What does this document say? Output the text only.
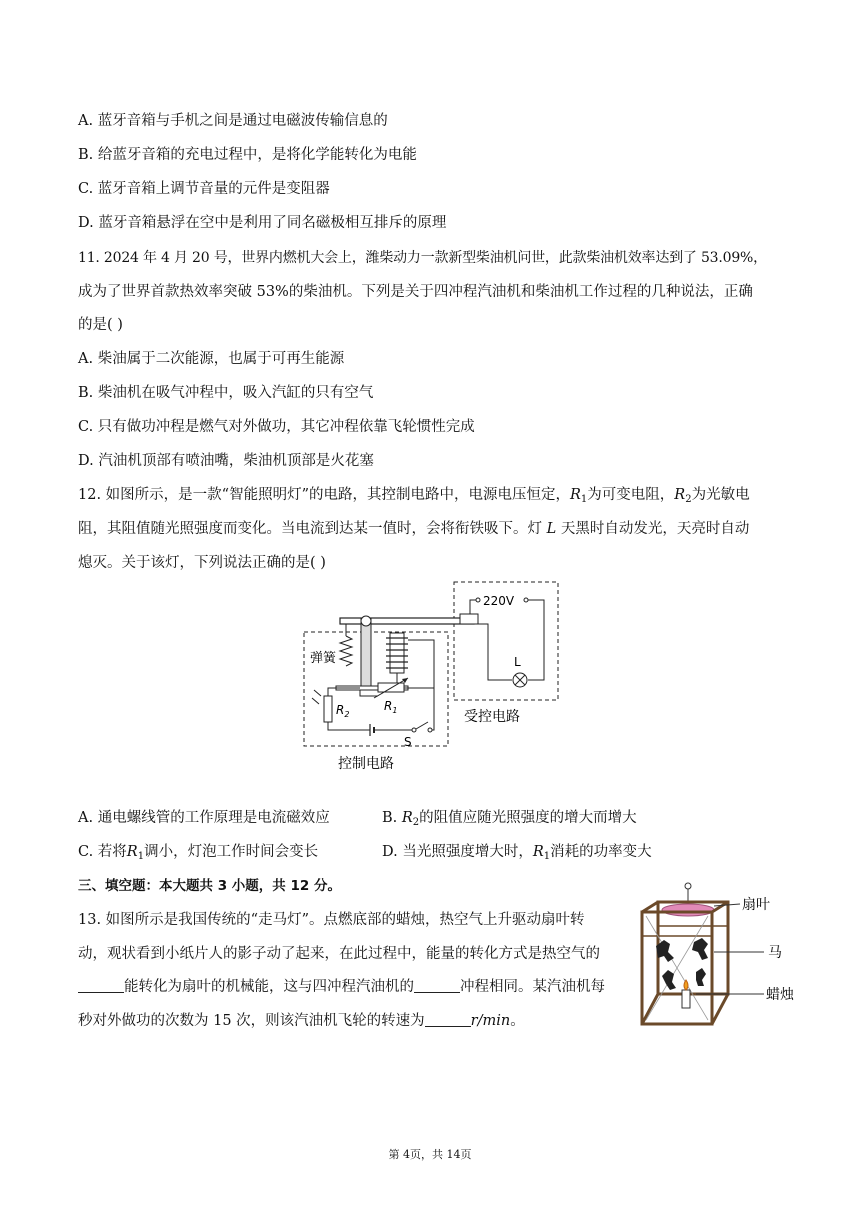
A. 蓝牙音箱与手机之间是通过电磁波传输信息的
B. 给蓝牙音箱的充电过程中，是将化学能转化为电能
C. 蓝牙音箱上调节音量的元件是变阻器
D. 蓝牙音箱悬浮在空中是利用了同名磁极相互排斥的原理
11. 2024 年 4 月 20 号，世界内燃机大会上，潍柴动力一款新型柴油机问世，此款柴油机效率达到了 53.09%，
成为了世界首款热效率突破 53%的柴油机。下列是关于四冲程汽油机和柴油机工作过程的几种说法，正确
的是( )
A. 柴油属于二次能源，也属于可再生能源
B. 柴油机在吸气冲程中，吸入汽缸的只有空气
C. 只有做功冲程是燃气对外做功，其它冲程依靠飞轮惯性完成
D. 汽油机顶部有喷油嘴，柴油机顶部是火花塞
12. 如图所示，是一款“智能照明灯”的电路，其控制电路中，电源电压恒定，$R_1$为可变电阻，$R_2$为光敏电
阻，其阻值随光照强度而变化。当电流到达某一值时，会将衔铁吸下。灯 L 天黑时自动发光，天亮时自动
熄灭。关于该灯，下列说法正确的是( )
$R_1$
$R_2$
S
弹簧
220V
L
受控电路
控制电路
A. 通电螺线管的工作原理是电流磁效应	B. $R_2$的阻值应随光照强度的增大而增大
C. 若将$R_1$调小，灯泡工作时间会变长	D. 当光照强度增大时，$R_1$消耗的功率变大
三、填空题：本大题共 3 小题，共 12 分。
13. 如图所示是我国传统的“走马灯”。点燃底部的蜡烛，热空气上升驱动扇叶转
动，观状看到小纸片人的影子动了起来，在此过程中，能量的转化方式是热空气的
能转化为扇叶的机械能，这与四冲程汽油机的	冲程相同。某汽油机每
秒对外做功的次数为 15 次，则该汽油机飞轮的转速为	r/min。
扇叶
马
蜡烛
第 4页，共 14页
